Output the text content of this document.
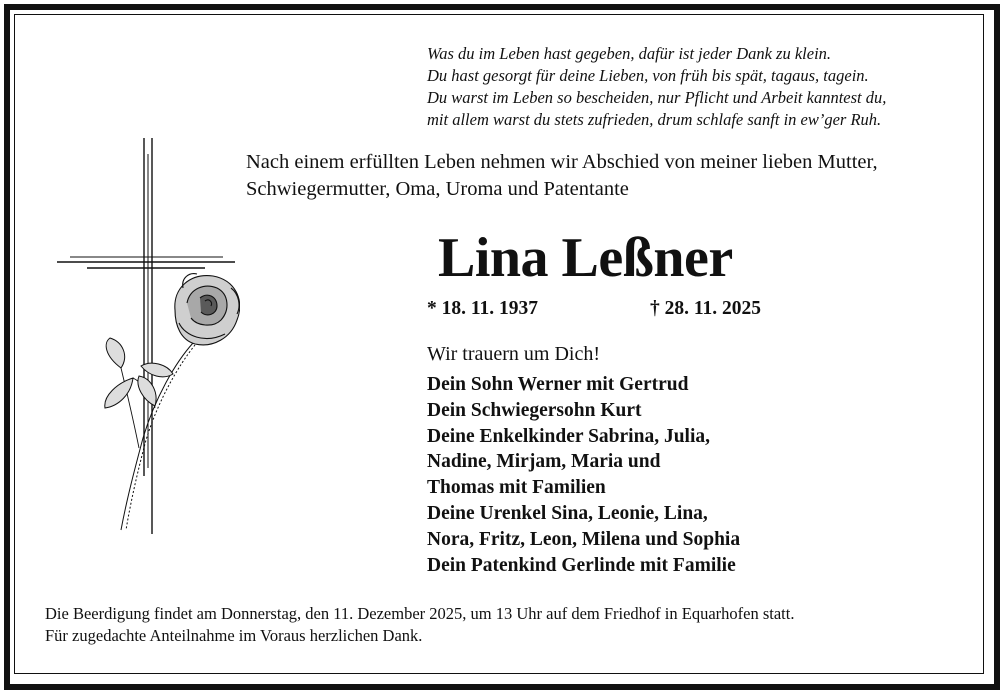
Was du im Leben hast gegeben, dafür ist jeder Dank zu klein.
Du hast gesorgt für deine Lieben, von früh bis spät, tagaus, tagein.
Du warst im Leben so bescheiden, nur Pflicht und Arbeit kanntest du,
mit allem warst du stets zufrieden, drum schlafe sanft in ew’ger Ruh.
Nach einem erfüllten Leben nehmen wir Abschied von meiner lieben Mutter,
Schwiegermutter, Oma, Uroma und Patentante
Lina Leßner
* 18. 11. 1937	† 28. 11. 2025
Wir trauern um Dich!
Dein Sohn Werner mit Gertrud
Dein Schwiegersohn Kurt
Deine Enkelkinder Sabrina, Julia,
Nadine, Mirjam, Maria und
Thomas mit Familien
Deine Urenkel Sina, Leonie, Lina,
Nora, Fritz, Leon, Milena und Sophia
Dein Patenkind Gerlinde mit Familie
Die Beerdigung findet am Donnerstag, den 11. Dezember 2025, um 13 Uhr auf dem Friedhof in Equarhofen statt.
Für zugedachte Anteilnahme im Voraus herzlichen Dank.
